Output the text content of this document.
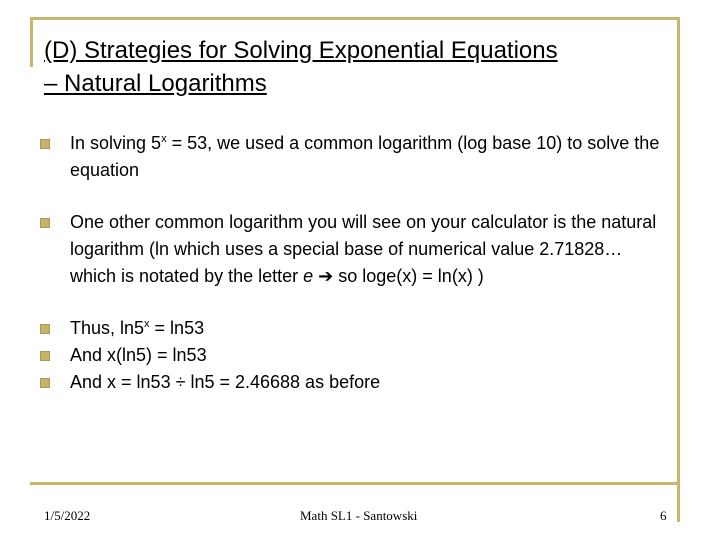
(D) Strategies for Solving Exponential Equations
– Natural Logarithms
In solving $5^x = 53$, we used a common logarithm (log base 10) to solve the equation
One other common logarithm you will see on your calculator is the natural logarithm (ln which uses a special base of numerical value 2.71828… which is notated by the letter e ➔ so loge(x) = ln(x) )
Thus, $\ln 5^x = \ln 53$
And x(ln5) = ln53
And x = ln53 ÷ ln5 = 2.46688 as before
1/5/2022	Math SL1 - Santowski	6
